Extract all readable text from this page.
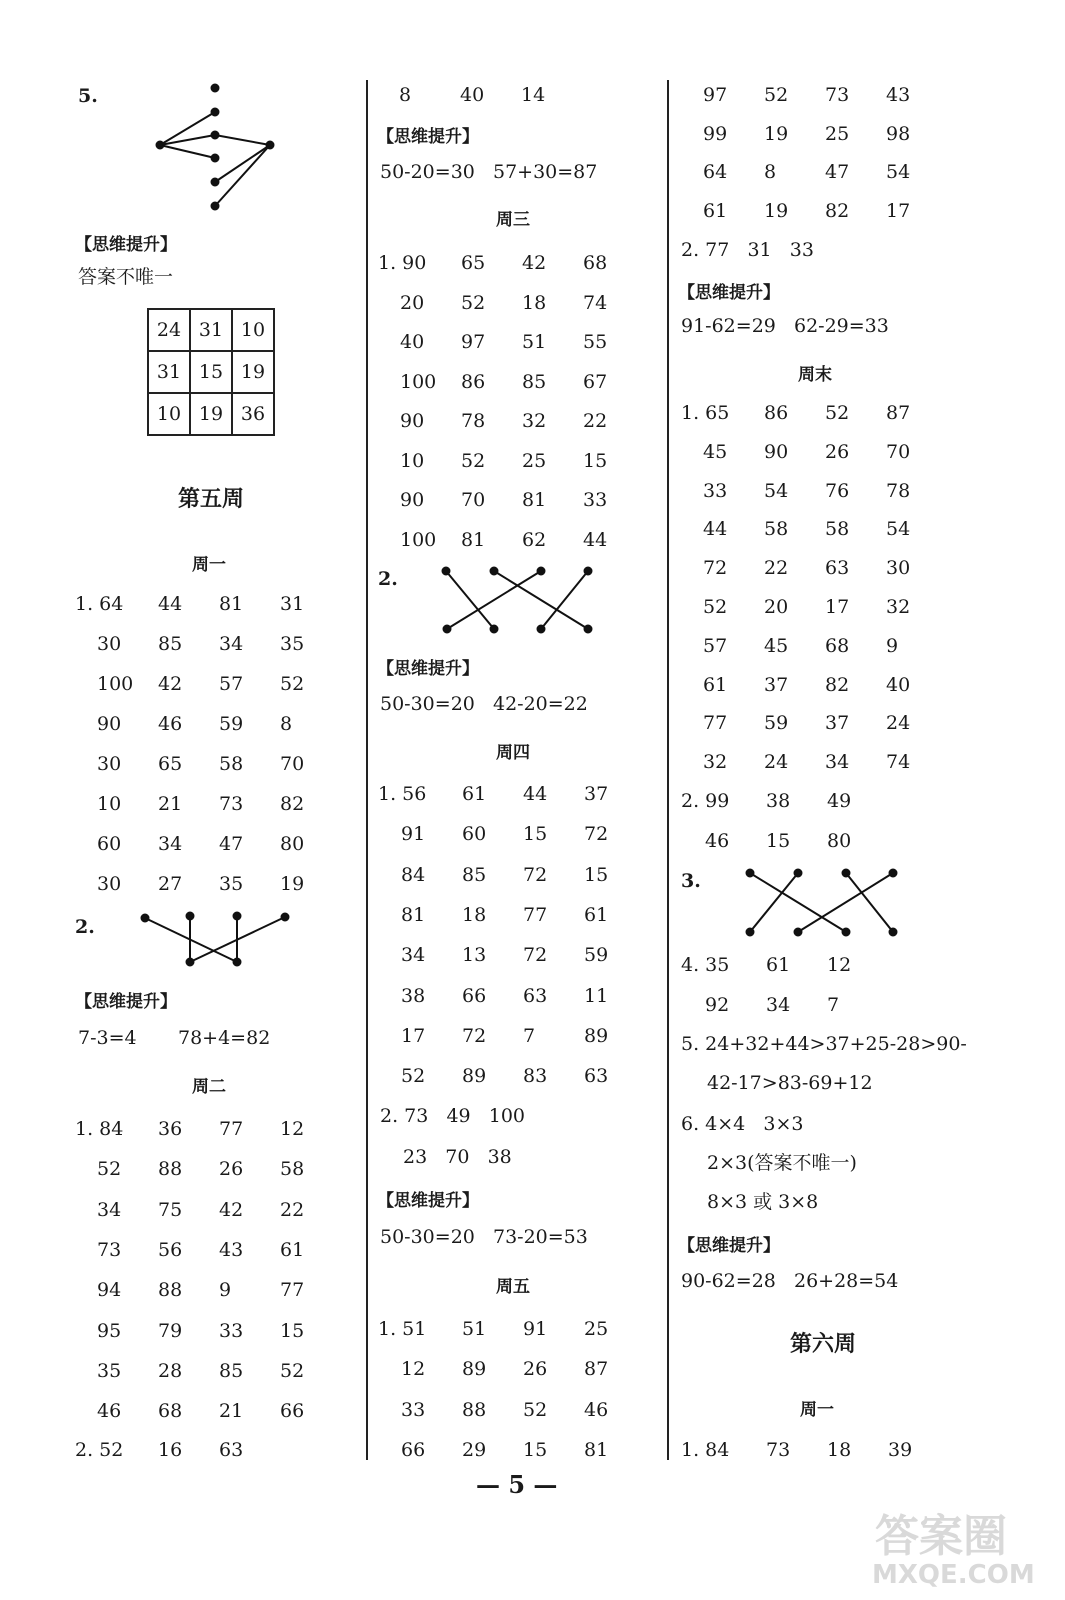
5.
【思维提升】
答案不唯一
24	31	10
31	15	19
10	19	36
第五周
周一
1. 64 44 81 31
30 85 34 35
100 42 57 52
90 46 59 8
30 65 58 70
10 21 73 82
60 34 47 80
30 27 35 19
2.
【思维提升】
7-3=4 78+4=82
周二
1. 84 36 77 12
52 88 26 58
34 75 42 22
73 56 43 61
94 88 9	77
95 79 33 15
35 28 85 52
46 68 21 66
2. 52 16 63
8	40 14
【思维提升】
50-20=30   57+30=87
周三
1. 90 65 42 68
20 52 18 74
40 97 51 55
100 86 85 67
90 78 32 22
10 52 25 15
90 70 81 33
100 81 62 44
2.
【思维提升】
50-30=20   42-20=22
周四
1. 56 61 44 37
91 60 15 72
84 85 72 15
81 18 77 61
34 13 72 59
38 66 63 11
17 72 7	89
52 89 83 63
2. 73   49   100
23   70   38
【思维提升】
50-30=20   73-20=53
周五
1. 51 51 91 25
12 89 26 87
33 88 52 46
66 29 15 81
97 52 73 43
99 19 25 98
64 8	47 54
61 19 82 17
2. 77   31   33
【思维提升】
91-62=29   62-29=33
周末
1. 65 86 52 87
45 90 26 70
33 54 76 78
44 58 58 54
72 22 63 30
52 20 17 32
57 45 68 9
61 37 82 40
77 59 37 24
32 24 34 74
2. 99 38 49
46 15 80
3.
4. 35 61 12
92 34 7
5. 24+32+44>37+25-28>90-
42-17>83-69+12
6. 4×4   3×3
2×3(答案不唯一)
8×3 或 3×8
【思维提升】
90-62=28   26+28=54
第六周
周一
1. 84 73 18 39
— 5 —
答案圈
MXQE.COM
